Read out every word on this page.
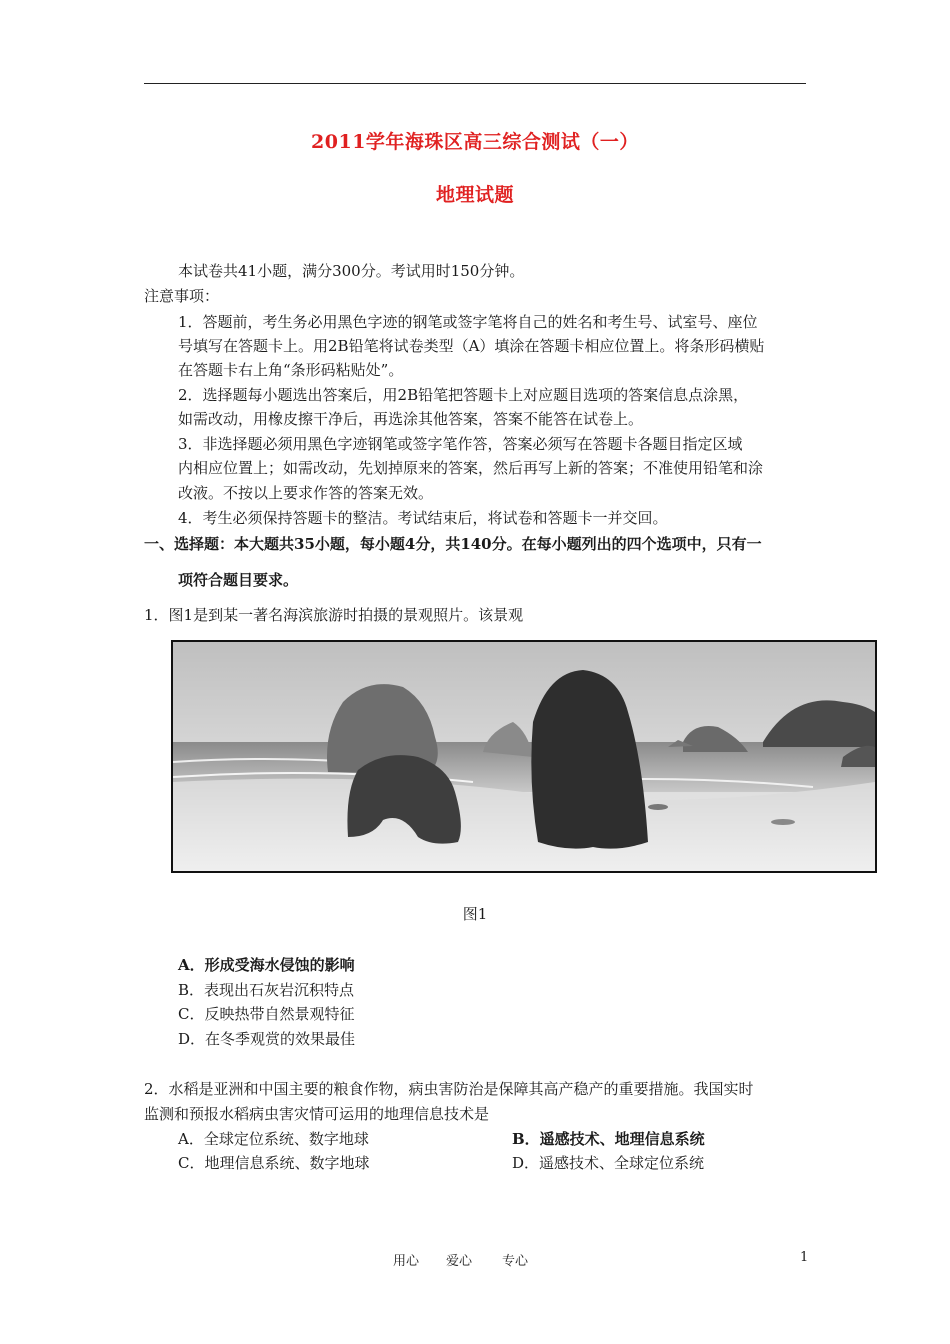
2011学年海珠区高三综合测试（一）
地理试题
本试卷共41小题，满分300分。考试用时150分钟。
注意事项：
1．答题前，考生务必用黑色字迹的钢笔或签字笔将自己的姓名和考生号、试室号、座位
号填写在答题卡上。用2B铅笔将试卷类型（A）填涂在答题卡相应位置上。将条形码横贴
在答题卡右上角“条形码粘贴处”。
2．选择题每小题选出答案后，用2B铅笔把答题卡上对应题目选项的答案信息点涂黑，
如需改动，用橡皮擦干净后，再选涂其他答案，答案不能答在试卷上。
3．非选择题必须用黑色字迹钢笔或签字笔作答，答案必须写在答题卡各题目指定区域
内相应位置上；如需改动，先划掉原来的答案，然后再写上新的答案；不准使用铅笔和涂
改液。不按以上要求作答的答案无效。
4．考生必须保持答题卡的整洁。考试结束后，将试卷和答题卡一并交回。
一、选择题：本大题共35小题，每小题4分，共140分。在每小题列出的四个选项中，只有一
项符合题目要求。
1．图1是到某一著名海滨旅游时拍摄的景观照片。该景观
图1
A．形成受海水侵蚀的影响
B．表现出石灰岩沉积特点
C．反映热带自然景观特征
D．在冬季观赏的效果最佳
2．水稻是亚洲和中国主要的粮食作物，病虫害防治是保障其高产稳产的重要措施。我国实时
监测和预报水稻病虫害灾情可运用的地理信息技术是
A．全球定位系统、数字地球	B．遥感技术、地理信息系统
C．地理信息系统、数字地球	D．遥感技术、全球定位系统
用心 爱心 专心	1
